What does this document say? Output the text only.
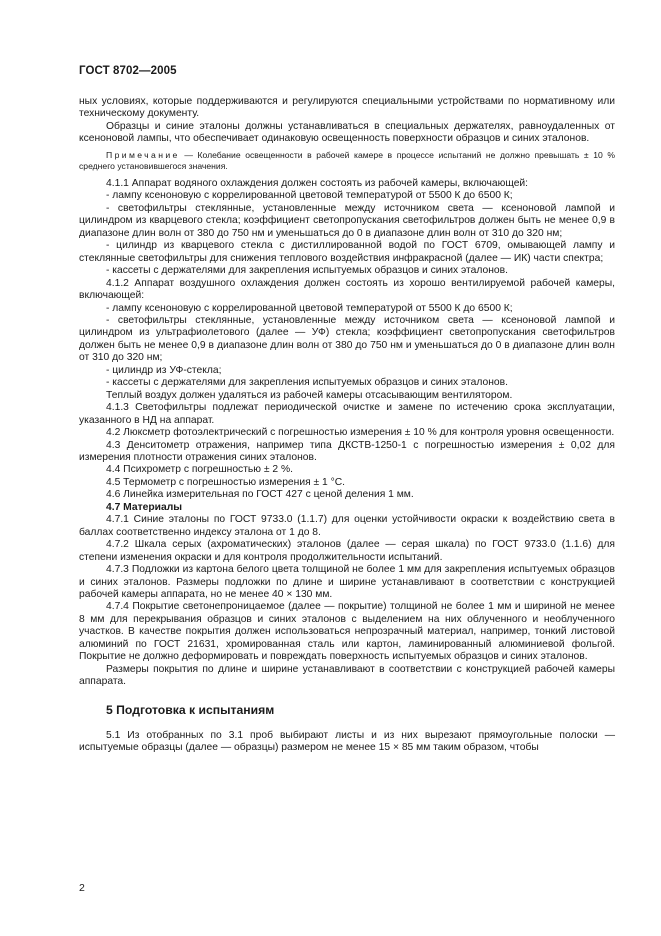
ГОСТ 8702—2005

ных условиях, которые поддерживаются и регулируются специальными устройствами по нормативному или техническому документу.

Образцы и синие эталоны должны устанавливаться в специальных держателях, равноудаленных от ксеноновой лампы, что обеспечивает одинаковую освещенность поверхности образцов и синих эталонов.

Примечание — Колебание освещенности в рабочей камере в процессе испытаний не должно превышать ± 10 % среднего установившегося значения.

4.1.1 Аппарат водяного охлаждения должен состоять из рабочей камеры, включающей:

- лампу ксеноновую с коррелированной цветовой температурой от 5500 К до 6500 К;

- светофильтры стеклянные, установленные между источником света — ксеноновой лампой и цилиндром из кварцевого стекла; коэффициент светопропускания светофильтров должен быть не менее 0,9 в диапазоне длин волн от 380 до 750 нм и уменьшаться до 0 в диапазоне длин волн от 310 до 320 нм;

- цилиндр из кварцевого стекла с дистиллированной водой по ГОСТ 6709, омывающей лампу и стеклянные светофильтры для снижения теплового воздействия инфракрасной (далее — ИК) части спектра;

- кассеты с держателями для закрепления испытуемых образцов и синих эталонов.

4.1.2 Аппарат воздушного охлаждения должен состоять из хорошо вентилируемой рабочей камеры, включающей:

- лампу ксеноновую с коррелированной цветовой температурой от 5500 К до 6500 К;

- светофильтры стеклянные, установленные между источником света — ксеноновой лампой и цилиндром из ультрафиолетового (далее — УФ) стекла; коэффициент светопропускания светофильтров должен быть не менее 0,9 в диапазоне длин волн от 380 до 750 нм и уменьшаться до 0 в диапазоне длин волн от 310 до 320 нм;

- цилиндр из УФ-стекла;

- кассеты с держателями для закрепления испытуемых образцов и синих эталонов.

Теплый воздух должен удаляться из рабочей камеры отсасывающим вентилятором.

4.1.3 Светофильтры подлежат периодической очистке и замене по истечению срока эксплуатации, указанного в НД на аппарат.

4.2 Люксметр фотоэлектрический с погрешностью измерения ± 10 % для контроля уровня освещенности.

4.3 Денситометр отражения, например типа ДКСТВ-1250-1 с погрешностью измерения ± 0,02 для измерения плотности отражения синих эталонов.

4.4 Психрометр с погрешностью ± 2 %.

4.5 Термометр с погрешностью измерения ± 1 °С.

4.6 Линейка измерительная по ГОСТ 427 с ценой деления 1 мм.

4.7 Материалы

4.7.1 Синие эталоны по ГОСТ 9733.0 (1.1.7) для оценки устойчивости окраски к воздействию света в баллах соответственно индексу эталона от 1 до 8.

4.7.2 Шкала серых (ахроматических) эталонов (далее — серая шкала) по ГОСТ 9733.0 (1.1.6) для степени изменения окраски и для контроля продолжительности испытаний.

4.7.3 Подложки из картона белого цвета толщиной не более 1 мм для закрепления испытуемых образцов и синих эталонов. Размеры подложки по длине и ширине устанавливают в соответствии с конструкцией рабочей камеры аппарата, но не менее 40 × 130 мм.

4.7.4 Покрытие светонепроницаемое (далее — покрытие) толщиной не более 1 мм и шириной не менее 8 мм для перекрывания образцов и синих эталонов с выделением на них облученного и необлученного участков. В качестве покрытия должен использоваться непрозрачный материал, например, тонкий листовой алюминий по ГОСТ 21631, хромированная сталь или картон, ламинированный алюминиевой фольгой. Покрытие не должно деформировать и повреждать поверхность испытуемых образцов и синих эталонов.

Размеры покрытия по длине и ширине устанавливают в соответствии с конструкцией рабочей камеры аппарата.

5 Подготовка к испытаниям

5.1 Из отобранных по 3.1 проб выбирают листы и из них вырезают прямоугольные полоски — испытуемые образцы (далее — образцы) размером не менее 15 × 85 мм таким образом, чтобы

2
